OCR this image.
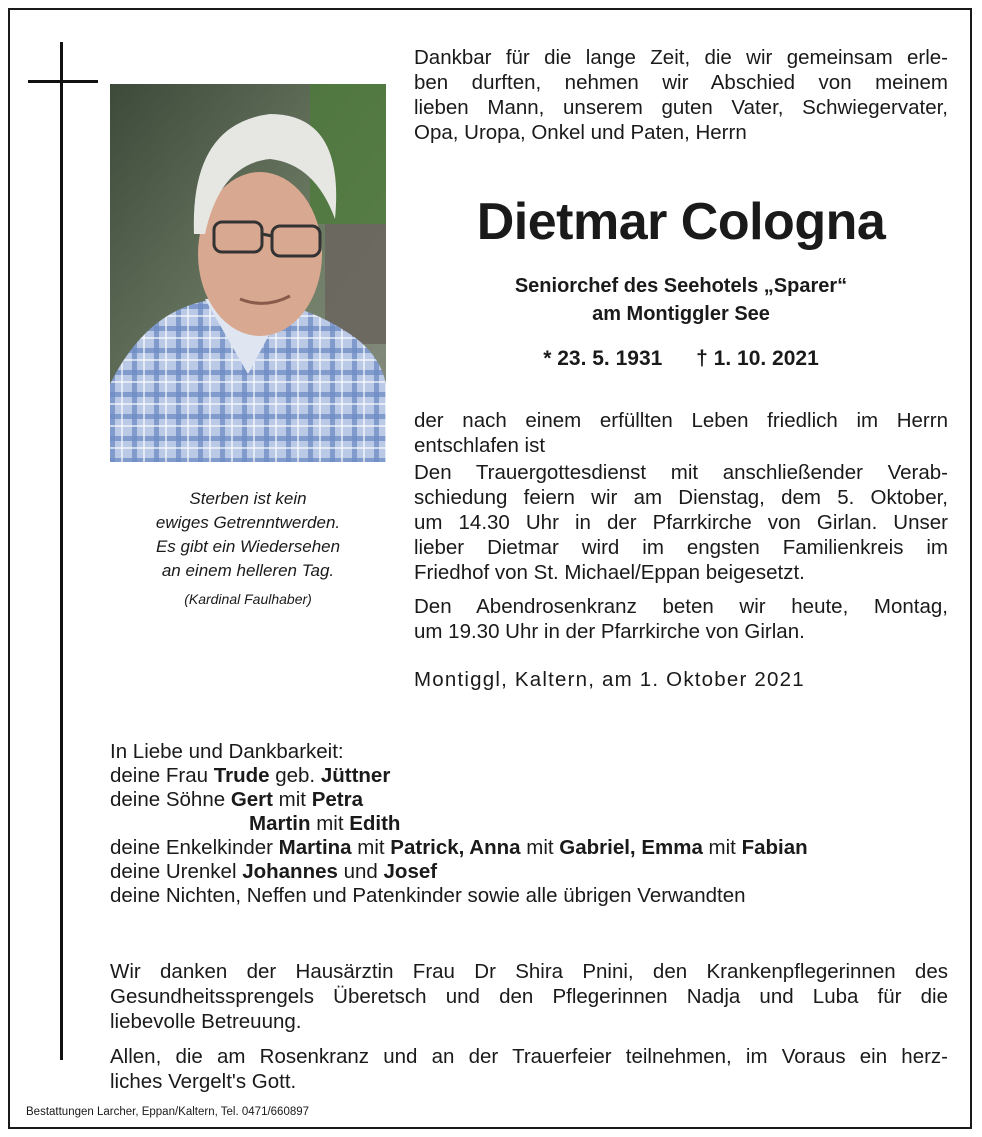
Sterben ist kein
ewiges Getrenntwerden.
Es gibt ein Wiedersehen
an einem helleren Tag.
(Kardinal Faulhaber)
Dankbar für die lange Zeit, die wir gemeinsam erle-
ben durften, nehmen wir Abschied von meinem
lieben Mann, unserem guten Vater, Schwiegervater,
Opa, Uropa, Onkel und Paten, Herrn
Dietmar Cologna
Seniorchef des Seehotels „Sparer“
am Montiggler See
* 23. 5. 1931 † 1. 10. 2021
der nach einem erfüllten Leben friedlich im Herrn
entschlafen ist
Den Trauergottesdienst mit anschließender Verab-
schiedung feiern wir am Dienstag, dem 5. Oktober,
um 14.30 Uhr in der Pfarrkirche von Girlan. Unser
lieber Dietmar wird im engsten Familienkreis im
Friedhof von St. Michael/Eppan beigesetzt.
Den Abendrosenkranz beten wir heute, Montag,
um 19.30 Uhr in der Pfarrkirche von Girlan.
Montiggl, Kaltern, am 1. Oktober 2021
In Liebe und Dankbarkeit:
deine Frau Trude geb. Jüttner
deine Söhne Gert mit Petra
Martin mit Edith
deine Enkelkinder Martina mit Patrick, Anna mit Gabriel, Emma mit Fabian
deine Urenkel Johannes und Josef
deine Nichten, Neffen und Patenkinder sowie alle übrigen Verwandten
Wir danken der Hausärztin Frau Dr Shira Pnini, den Krankenpflegerinnen des
Gesundheitssprengels Überetsch und den Pflegerinnen Nadja und Luba für die
liebevolle Betreuung.
Allen, die am Rosenkranz und an der Trauerfeier teilnehmen, im Voraus ein herz-
liches Vergelt's Gott.
Bestattungen Larcher, Eppan/Kaltern, Tel. 0471/660897
